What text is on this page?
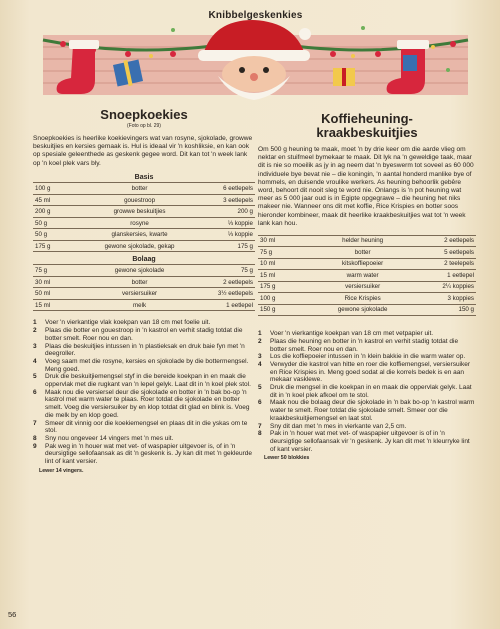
Knibbelgeskenkies
Snoepkoekies
(Foto op bl. 29)

Snoepkoekies is heerlike koekievingers wat van rosyne, sjokolade, growwe beskuitjies en kersies gemaak is. Hul is ideaal vir 'n koshliksie, en kan ook op spesiale geleenthede as geskenk gegee word. Dit kan tot 'n week lank op 'n koel plek vars bly.

Basis
100 g	botter	6 eetlepels
45 ml	gouestroop	3 eetlepels
200 g	growwe beskuitjies	200 g
50 g	rosyne	⅓ koppie
50 g	glanskersies, kwarte	⅓ koppie
175 g	gewone sjokolade, gekap	175 g
Bolaag
75 g	gewone sjokolade	75 g
30 ml	botter	2 eetlepels
50 ml	versiersuiker	3½ eetlepels
15 ml	melk	1 eetlepel
1 Voer 'n vierkantige vlak koekpan van 18 cm met foelie uit.
2 Plaas die botter en gouestroop in 'n kastrol en verhit stadig totdat die botter smelt. Roer nou en dan.
3 Plaas die beskuitjies intussen in 'n plastieksak en druk baie fyn met 'n deegroller.
4 Voeg saam met die rosyne, kersies en sjokolade by die bottermengsel. Meng goed.
5 Druk die beskuitjiemengsel styf in die bereide koekpan in en maak die oppervlak met die rugkant van 'n lepel gelyk. Laat dit in 'n koel plek stol.
6 Maak nou die versiersel deur die sjokolade en botter in 'n bak bo-op 'n kastrol met warm water te plaas. Roer totdat die sjokolade en botter smelt. Voeg die versiersuiker by en klop totdat dit glad en blink is. Voeg die melk by en klop goed.
7 Smeer dit vinnig oor die koekiemengsel en plaas dit in die yskas om te stol.
8 Sny nou ongeveer 14 vingers met 'n mes uit.
9 Pak weg in 'n houer wat met vet- of waspapier uitgevoer is, of in 'n deursigtige sellofaansak as dit 'n geskenk is. Jy kan dit met 'n gekleurde lint of kant versier.
Lewer 14 vingers.
Koffieheuning-
kraakbeskuitjies

Om 500 g heuning te maak, moet 'n by drie keer om die aarde vlieg om nektar en stuifmeel bymekaar te maak. Dit lyk na 'n geweldige taak, maar dit is nie so moeilik as jy in ag neem dat 'n byeswerm tot soveel as 60 000 individuele bye bevat nie – die koningin, 'n aantal honderd manlike bye of hommels, en duisende vroulike werkers. As heuning behoorlik gebêre word, behoort dit nooit sleg te word nie. Onlangs is 'n pot heuning wat meer as 5 000 jaar oud is in Egipte opgegrawe – die heuning het niks makeer nie. Wanneer ons dit met koffie, Rice Krispies en botter soos hieronder kombineer, maak dit heerlike kraakbeskuitjies wat tot 'n week lank kan hou.

30 ml	helder heuning	2 eetlepels
75 g	botter	5 eetlepels
10 ml	kitskoffiepoeier	2 teelepels
15 ml	warm water	1 eetlepel
175 g	versiersuiker	2¼ koppies
100 g	Rice Krispies	3 koppies
150 g	gewone sjokolade	150 g
1 Voer 'n vierkantige koekpan van 18 cm met vetpapier uit.
2 Plaas die heuning en botter in 'n kastrol en verhit stadig totdat die botter smelt. Roer nou en dan.
3 Los die koffiepoeier intussen in 'n klein bakkie in die warm water op.
4 Verwyder die kastrol van hitte en roer die koffiemengsel, versiersuiker en Rice Krispies in. Meng goed sodat al die korrels bedek is en aan mekaar vasklewe.
5 Druk die mengsel in die koekpan in en maak die oppervlak gelyk. Laat dit in 'n koel plek afkoel om te stol.
6 Maak nou die bolaag deur die sjokolade in 'n bak bo-op 'n kastrol warm water te smelt. Roer totdat die sjokolade smelt. Smeer oor die kraakbeskuitjiemengsel en laat stol.
7 Sny dit dan met 'n mes in vierkante van 2,5 cm.
8 Pak in 'n houer wat met vet- of waspapier uitgevoer is of in 'n deursigtige sellofaansak vir 'n geskenk. Jy kan dit met 'n kleurryke lint of kant versier.
Lewer 50 blokkies
56
